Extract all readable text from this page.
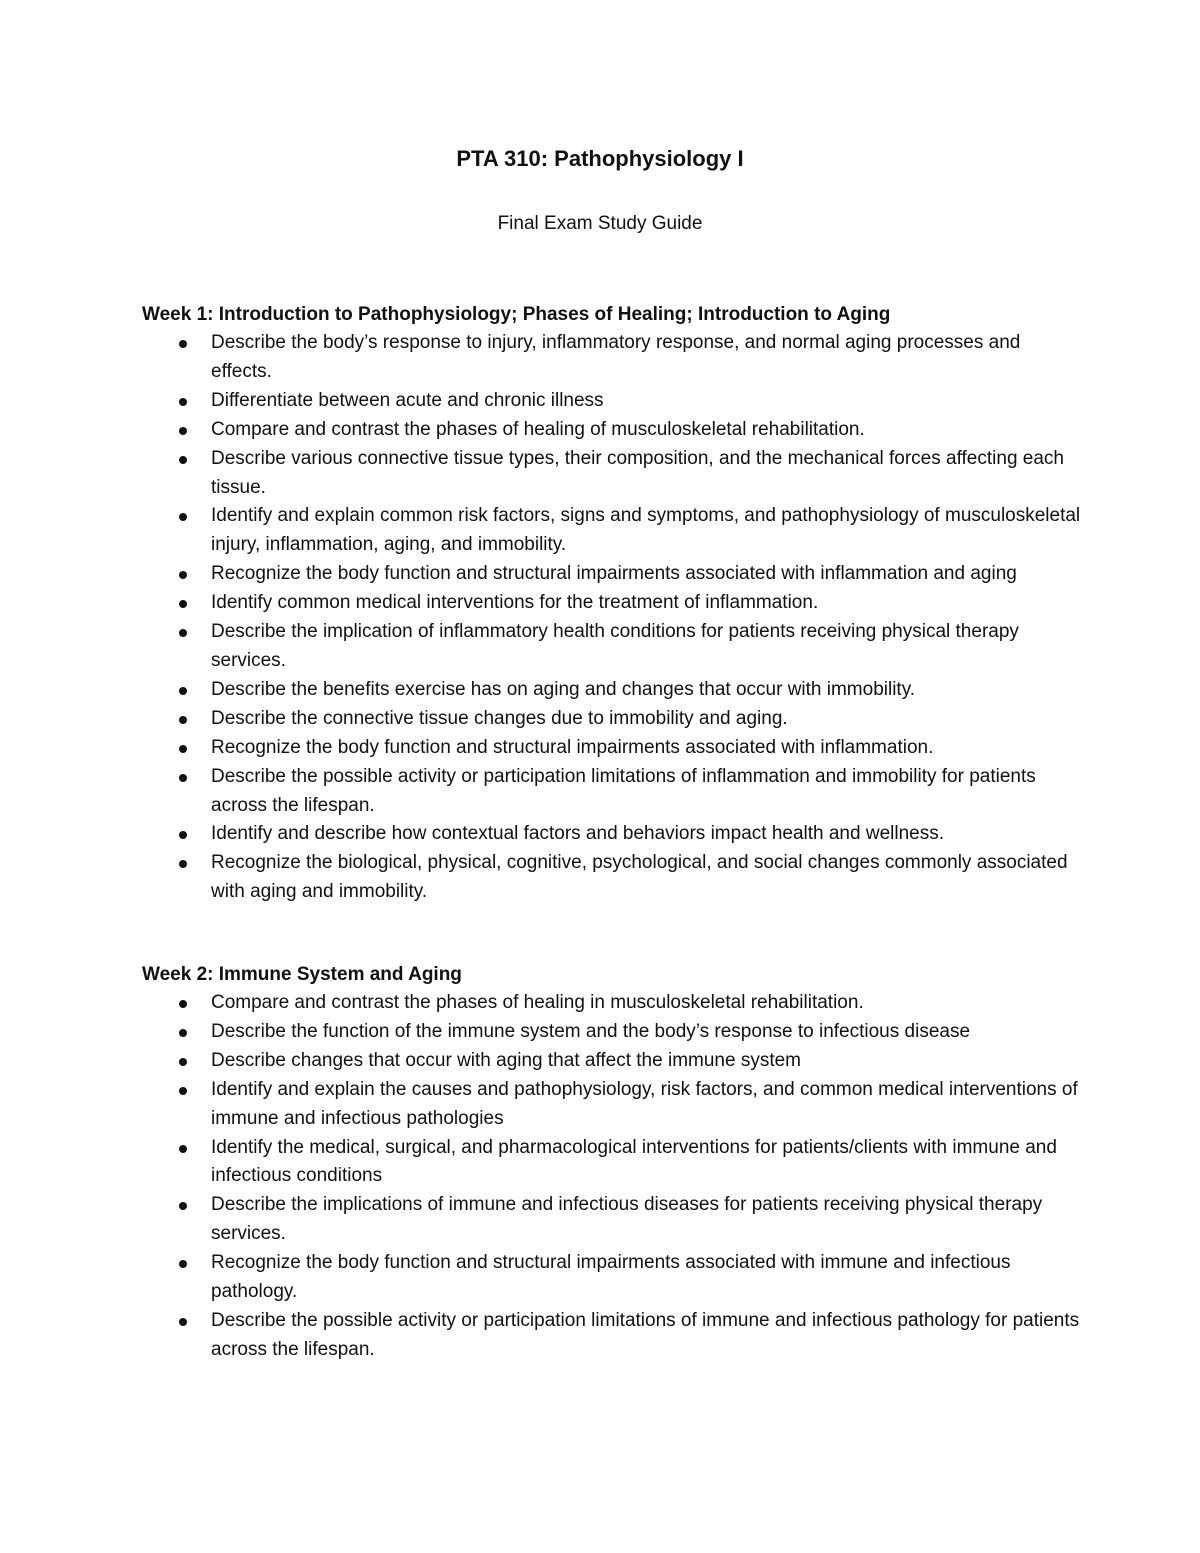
PTA 310: Pathophysiology I

Final Exam Study Guide

Week 1: Introduction to Pathophysiology; Phases of Healing; Introduction to Aging
Describe the body’s response to injury, inflammatory response, and normal aging processes and effects.
Differentiate between acute and chronic illness
Compare and contrast the phases of healing of musculoskeletal rehabilitation.
Describe various connective tissue types, their composition, and the mechanical forces affecting each tissue.
Identify and explain common risk factors, signs and symptoms, and pathophysiology of musculoskeletal injury, inflammation, aging, and immobility.
Recognize the body function and structural impairments associated with inflammation and aging
Identify common medical interventions for the treatment of inflammation.
Describe the implication of inflammatory health conditions for patients receiving physical therapy services.
Describe the benefits exercise has on aging and changes that occur with immobility.
Describe the connective tissue changes due to immobility and aging.
Recognize the body function and structural impairments associated with inflammation.
Describe the possible activity or participation limitations of inflammation and immobility for patients across the lifespan.
Identify and describe how contextual factors and behaviors impact health and wellness.
Recognize the biological, physical, cognitive, psychological, and social changes commonly associated with aging and immobility.
Week 2: Immune System and Aging
Compare and contrast the phases of healing in musculoskeletal rehabilitation.
Describe the function of the immune system and the body’s response to infectious disease
Describe changes that occur with aging that affect the immune system
Identify and explain the causes and pathophysiology, risk factors, and common medical interventions of immune and infectious pathologies
Identify the medical, surgical, and pharmacological interventions for patients/clients with immune and infectious conditions
Describe the implications of immune and infectious diseases for patients receiving physical therapy services.
Recognize the body function and structural impairments associated with immune and infectious pathology.
Describe the possible activity or participation limitations of immune and infectious pathology for patients across the lifespan.
